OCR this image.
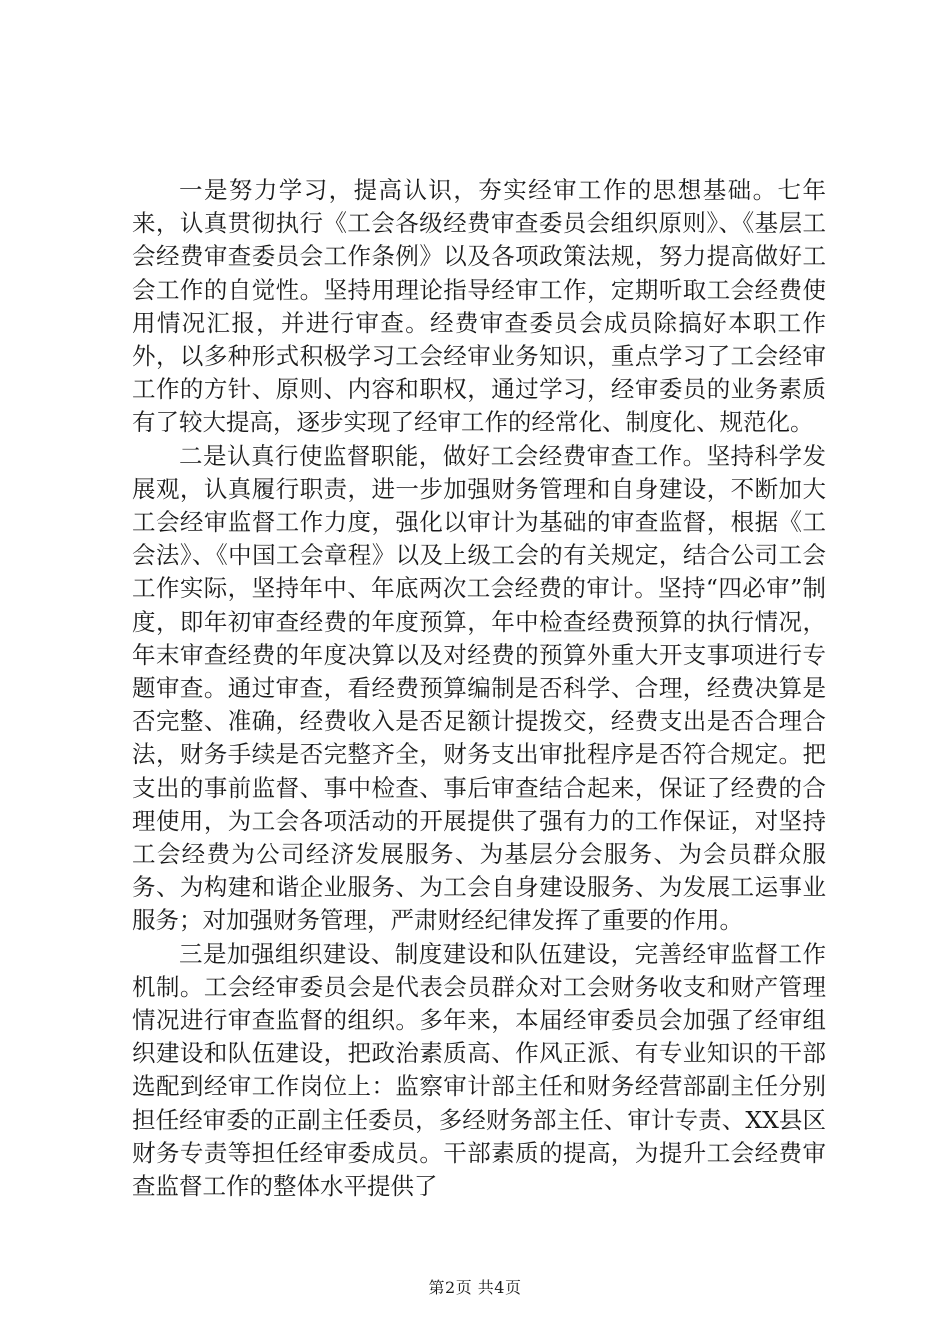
一是努力学习，提高认识，夯实经审工作的思想基础。七年来，认真贯彻执行《工会各级经费审查委员会组织原则》、《基层工会经费审查委员会工作条例》以及各项政策法规，努力提高做好工会工作的自觉性。坚持用理论指导经审工作，定期听取工会经费使用情况汇报，并进行审查。经费审查委员会成员除搞好本职工作外，以多种形式积极学习工会经审业务知识，重点学习了工会经审工作的方针、原则、内容和职权，通过学习，经审委员的业务素质有了较大提高，逐步实现了经审工作的经常化、制度化、规范化。

二是认真行使监督职能，做好工会经费审查工作。坚持科学发展观，认真履行职责，进一步加强财务管理和自身建设，不断加大工会经审监督工作力度，强化以审计为基础的审查监督，根据《工会法》、《中国工会章程》以及上级工会的有关规定，结合公司工会工作实际，坚持年中、年底两次工会经费的审计。坚持“四必审”制度，即年初审查经费的年度预算，年中检查经费预算的执行情况，年末审查经费的年度决算以及对经费的预算外重大开支事项进行专题审查。通过审查，看经费预算编制是否科学、合理，经费决算是否完整、准确，经费收入是否足额计提拨交，经费支出是否合理合法，财务手续是否完整齐全，财务支出审批程序是否符合规定。把支出的事前监督、事中检查、事后审查结合起来，保证了经费的合理使用，为工会各项活动的开展提供了强有力的工作保证，对坚持工会经费为公司经济发展服务、为基层分会服务、为会员群众服务、为构建和谐企业服务、为工会自身建设服务、为发展工运事业服务；对加强财务管理，严肃财经纪律发挥了重要的作用。

三是加强组织建设、制度建设和队伍建设，完善经审监督工作机制。工会经审委员会是代表会员群众对工会财务收支和财产管理情况进行审查监督的组织。多年来，本届经审委员会加强了经审组织建设和队伍建设，把政治素质高、作风正派、有专业知识的干部选配到经审工作岗位上：监察审计部主任和财务经营部副主任分别担任经审委的正副主任委员，多经财务部主任、审计专责、XX县区财务专责等担任经审委成员。干部素质的提高，为提升工会经费审查监督工作的整体水平提供了

第2页 共4页
